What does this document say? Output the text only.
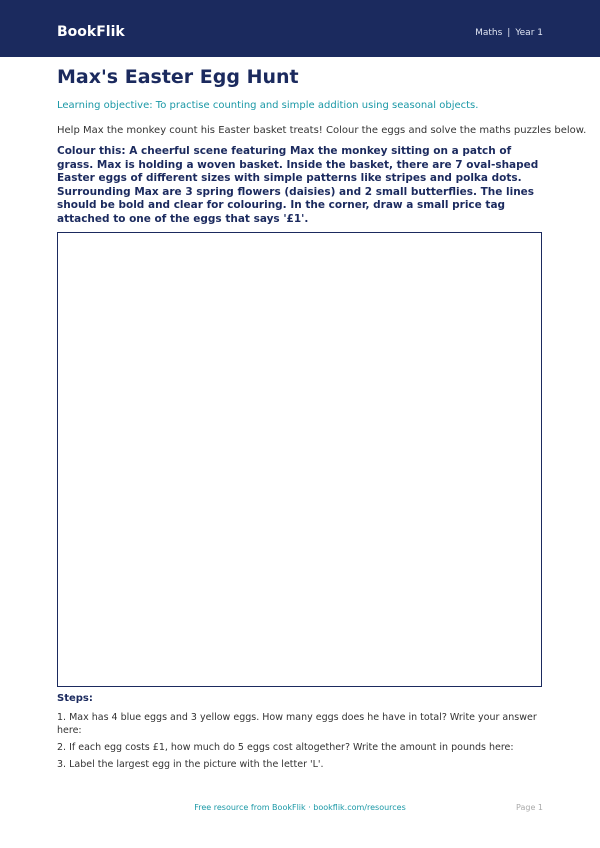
BookFlik	Maths | Year 1
Max's Easter Egg Hunt
Learning objective: To practise counting and simple addition using seasonal objects.
Help Max the monkey count his Easter basket treats! Colour the eggs and solve the maths puzzles below.
Colour this: A cheerful scene featuring Max the monkey sitting on a patch of grass. Max is holding a woven basket. Inside the basket, there are 7 oval-shaped Easter eggs of different sizes with simple patterns like stripes and polka dots. Surrounding Max are 3 spring flowers (daisies) and 2 small butterflies. The lines should be bold and clear for colouring. In the corner, draw a small price tag attached to one of the eggs that says '£1'.
Steps:
1. Max has 4 blue eggs and 3 yellow eggs. How many eggs does he have in total? Write your answer here:
2. If each egg costs £1, how much do 5 eggs cost altogether? Write the amount in pounds here:
3. Label the largest egg in the picture with the letter 'L'.
Free resource from BookFlik · bookflik.com/resources	Page 1
